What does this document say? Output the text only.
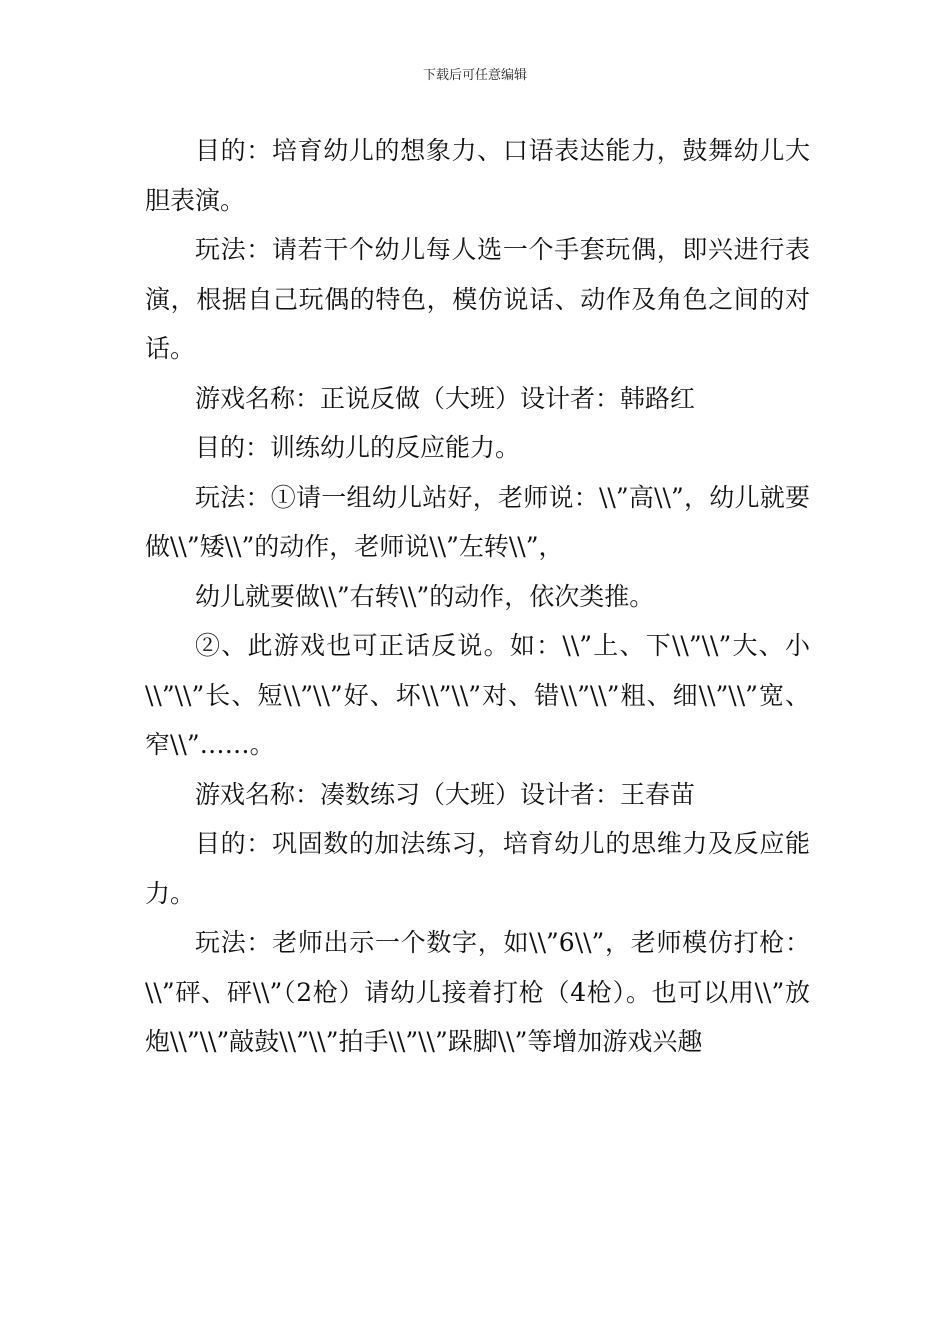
下载后可任意编辑

目的：培育幼儿的想象力、口语表达能力，鼓舞幼儿大胆表演。

玩法：请若干个幼儿每人选一个手套玩偶，即兴进行表演，根据自己玩偶的特色，模仿说话、动作及角色之间的对话。

游戏名称：正说反做（大班）设计者：韩路红

目的：训练幼儿的反应能力。

玩法：①请一组幼儿站好，老师说：\\”高\\”，幼儿就要做\\”矮\\”的动作，老师说\\”左转\\”，

幼儿就要做\\”右转\\”的动作，依次类推。

②、此游戏也可正话反说。如：\\”上、下\\”\\”大、小\\”\\”长、短\\”\\”好、坏\\”\\”对、错\\”\\”粗、细\\”\\”宽、窄\\”……。

游戏名称：凑数练习（大班）设计者：王春苗

目的：巩固数的加法练习，培育幼儿的思维力及反应能力。

玩法：老师出示一个数字，如\\”6\\”，老师模仿打枪：\\”砰、砰\\”（2枪）请幼儿接着打枪（4枪）。也可以用\\”放炮\\”\\”敲鼓\\”\\”拍手\\”\\”跺脚\\”等增加游戏兴趣
